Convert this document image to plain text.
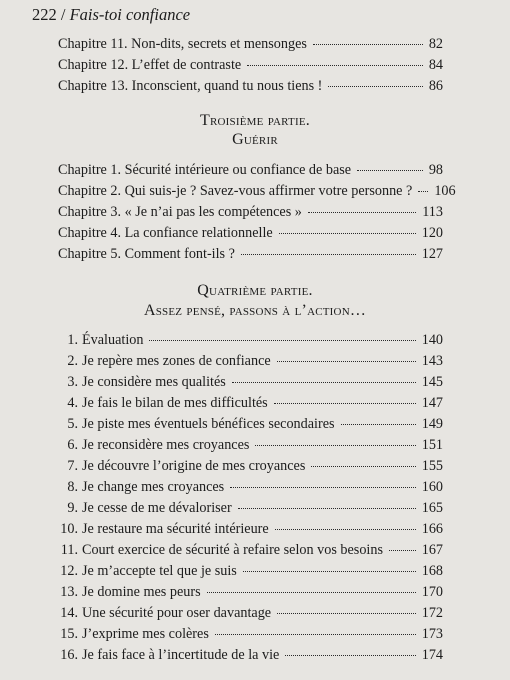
222 / Fais-toi confiance
Chapitre 11. Non-dits, secrets et mensonges	82
Chapitre 12. L’effet de contraste	84
Chapitre 13. Inconscient, quand tu nous tiens !	86
Troisième partie.
Guérir
Chapitre 1. Sécurité intérieure ou confiance de base	98
Chapitre 2. Qui suis-je ? Savez-vous affirmer votre personne ? 106
Chapitre 3. « Je n’ai pas les compétences »	113
Chapitre 4. La confiance relationnelle	120
Chapitre 5. Comment font-ils ?	127
Quatrième partie.
Assez pensé, passons à l’action…
1. Évaluation	140
2. Je repère mes zones de confiance	143
3. Je considère mes qualités	145
4. Je fais le bilan de mes difficultés	147
5. Je piste mes éventuels bénéfices secondaires	149
6. Je reconsidère mes croyances	151
7. Je découvre l’origine de mes croyances	155
8. Je change mes croyances	160
9. Je cesse de me dévaloriser	165
10. Je restaure ma sécurité intérieure	166
11. Court exercice de sécurité à refaire selon vos besoins	167
12. Je m’accepte tel que je suis	168
13. Je domine mes peurs	170
14. Une sécurité pour oser davantage	172
15. J’exprime mes colères	173
16. Je fais face à l’incertitude de la vie	174
